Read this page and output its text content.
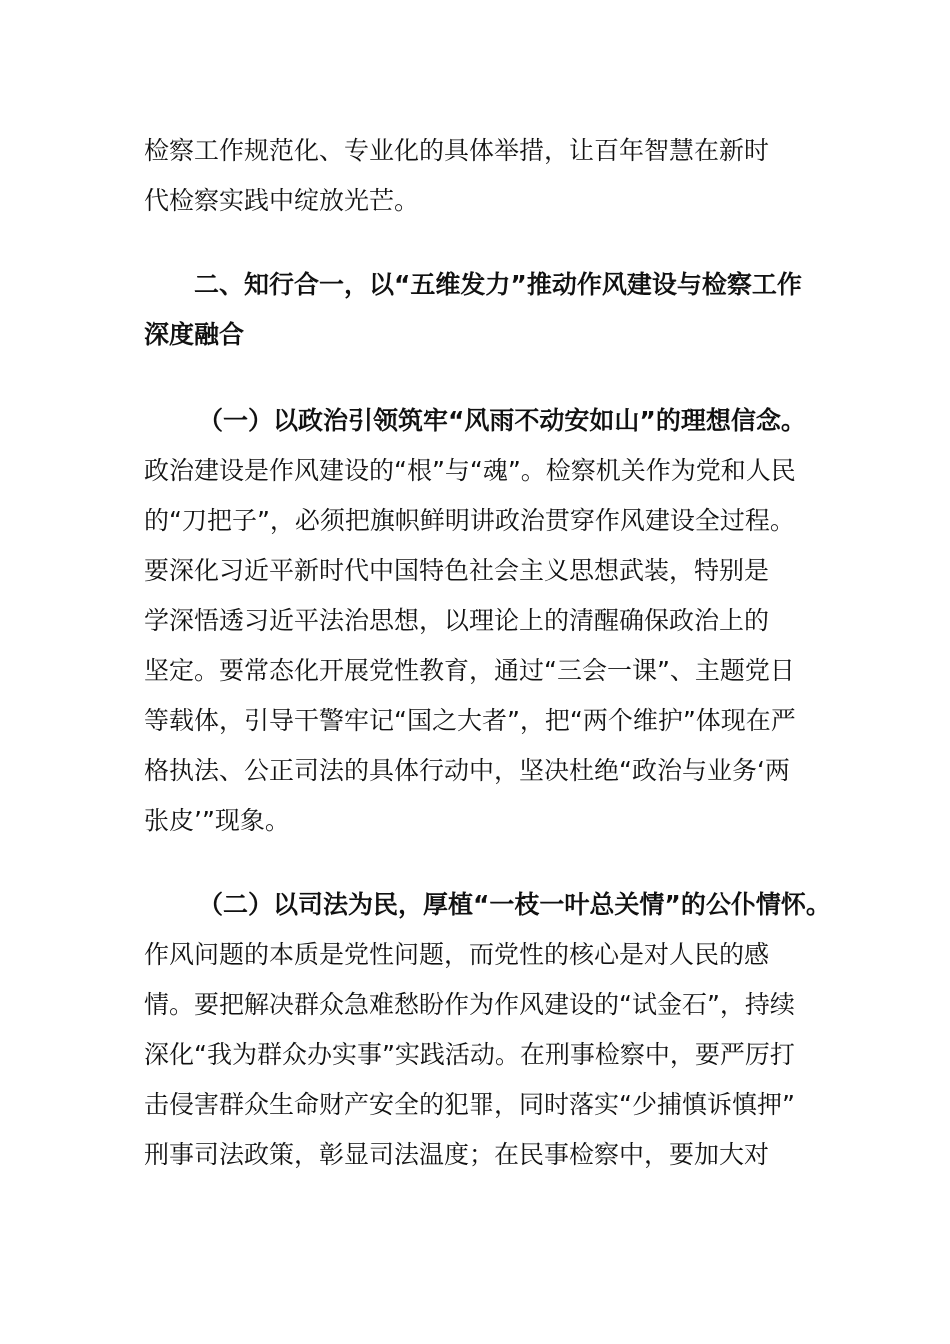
检察工作规范化、专业化的具体举措，让百年智慧在新时
代检察实践中绽放光芒。
二、知行合一，以“五维发力”推动作风建设与检察工作
深度融合
（一）以政治引领筑牢“风雨不动安如山”的理想信念。
政治建设是作风建设的“根”与“魂”。检察机关作为党和人民
的“刀把子”，必须把旗帜鲜明讲政治贯穿作风建设全过程。
要深化习近平新时代中国特色社会主义思想武装，特别是
学深悟透习近平法治思想，以理论上的清醒确保政治上的
坚定。要常态化开展党性教育，通过“三会一课”、主题党日
等载体，引导干警牢记“国之大者”，把“两个维护”体现在严
格执法、公正司法的具体行动中，坚决杜绝“政治与业务‘两
张皮’”现象。
（二）以司法为民，厚植“一枝一叶总关情”的公仆情怀。
作风问题的本质是党性问题，而党性的核心是对人民的感
情。要把解决群众急难愁盼作为作风建设的“试金石”，持续
深化“我为群众办实事”实践活动。在刑事检察中，要严厉打
击侵害群众生命财产安全的犯罪，同时落实“少捕慎诉慎押”
刑事司法政策，彰显司法温度；在民事检察中，要加大对
